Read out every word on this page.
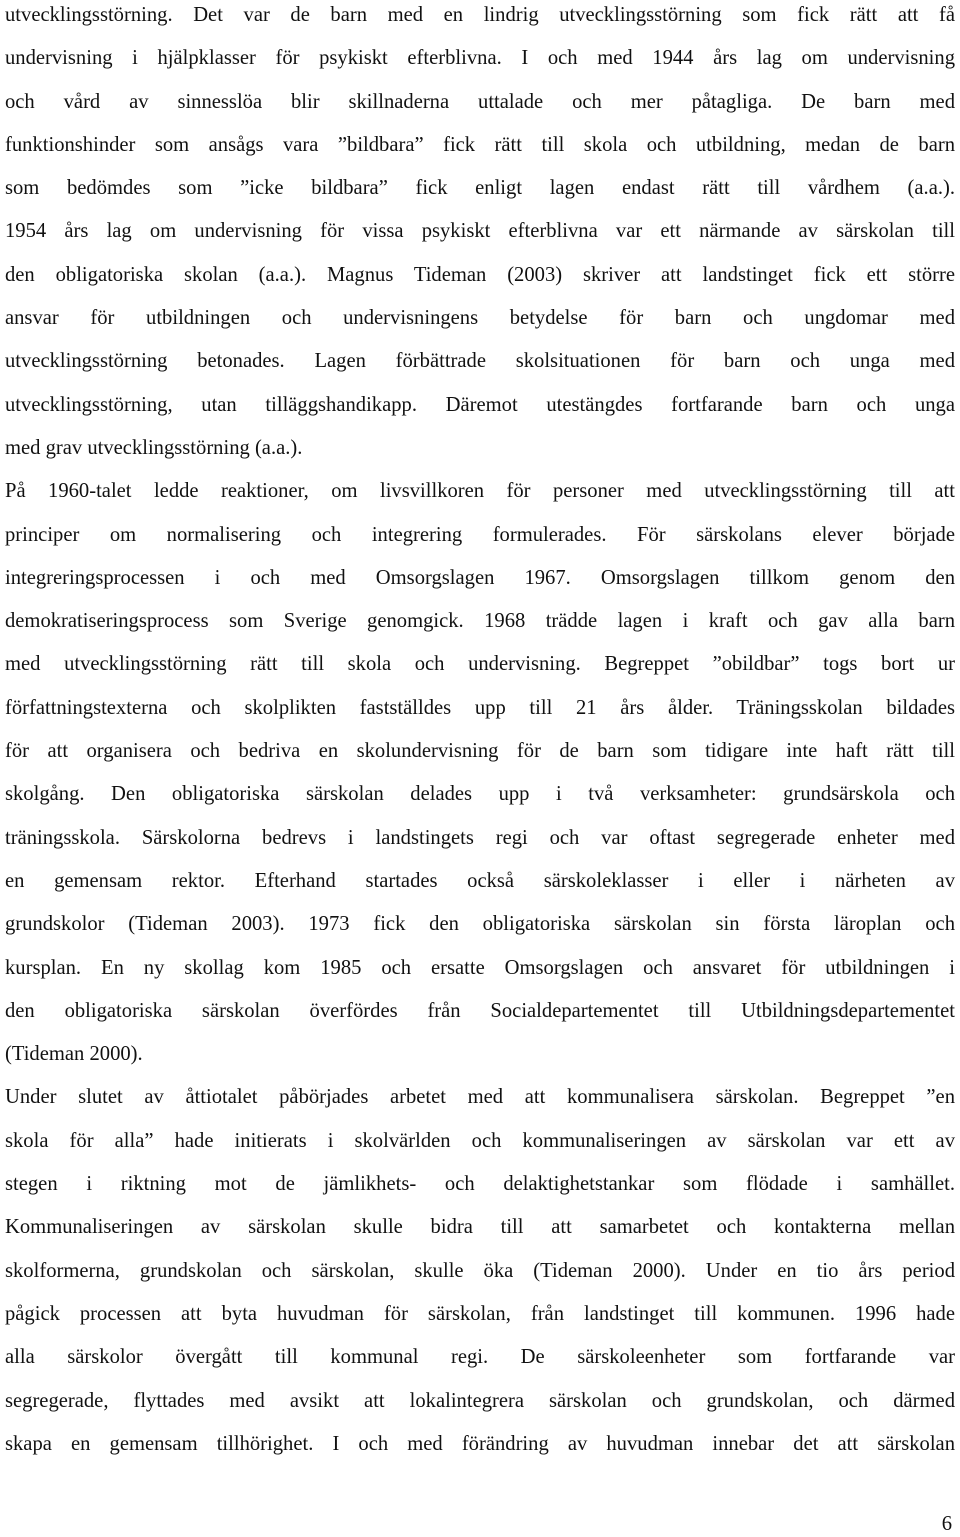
utvecklingsstörning. Det var de barn med en lindrig utvecklingsstörning som fick rätt att få
undervisning i hjälpklasser för psykiskt efterblivna. I och med 1944 års lag om undervisning
och vård av sinnesslöa blir skillnaderna uttalade och mer påtagliga. De barn med
funktionshinder som ansågs vara ”bildbara” fick rätt till skola och utbildning, medan de barn
som bedömdes som ”icke bildbara” fick enligt lagen endast rätt till vårdhem (a.a.).
1954 års lag om undervisning för vissa psykiskt efterblivna var ett närmande av särskolan till
den obligatoriska skolan (a.a.). Magnus Tideman (2003) skriver att landstinget fick ett större
ansvar för utbildningen och undervisningens betydelse för barn och ungdomar med
utvecklingsstörning betonades. Lagen förbättrade skolsituationen för barn och unga med
utvecklingsstörning, utan tilläggshandikapp. Däremot utestängdes fortfarande barn och unga
med grav utvecklingsstörning (a.a.).
På 1960-talet ledde reaktioner, om livsvillkoren för personer med utvecklingsstörning till att
principer om normalisering och integrering formulerades. För särskolans elever började
integreringsprocessen i och med Omsorgslagen 1967. Omsorgslagen tillkom genom den
demokratiseringsprocess som Sverige genomgick. 1968 trädde lagen i kraft och gav alla barn
med utvecklingsstörning rätt till skola och undervisning. Begreppet ”obildbar” togs bort ur
författningstexterna och skolplikten fastställdes upp till 21 års ålder. Träningsskolan bildades
för att organisera och bedriva en skolundervisning för de barn som tidigare inte haft rätt till
skolgång. Den obligatoriska särskolan delades upp i två verksamheter: grundsärskola och
träningsskola. Särskolorna bedrevs i landstingets regi och var oftast segregerade enheter med
en gemensam rektor. Efterhand startades också särskoleklasser i eller i närheten av
grundskolor (Tideman 2003). 1973 fick den obligatoriska särskolan sin första läroplan och
kursplan. En ny skollag kom 1985 och ersatte Omsorgslagen och ansvaret för utbildningen i
den obligatoriska särskolan överfördes från Socialdepartementet till Utbildningsdepartementet
(Tideman 2000).
Under slutet av åttiotalet påbörjades arbetet med att kommunalisera särskolan. Begreppet ”en
skola för alla” hade initierats i skolvärlden och kommunaliseringen av särskolan var ett av
stegen i riktning mot de jämlikhets- och delaktighetstankar som flödade i samhället.
Kommunaliseringen av särskolan skulle bidra till att samarbetet och kontakterna mellan
skolformerna, grundskolan och särskolan, skulle öka (Tideman 2000). Under en tio års period
pågick processen att byta huvudman för särskolan, från landstinget till kommunen. 1996 hade
alla särskolor övergått till kommunal regi. De särskoleenheter som fortfarande var
segregerade, flyttades med avsikt att lokalintegrera särskolan och grundskolan, och därmed
skapa en gemensam tillhörighet. I och med förändring av huvudman innebar det att särskolan
6
